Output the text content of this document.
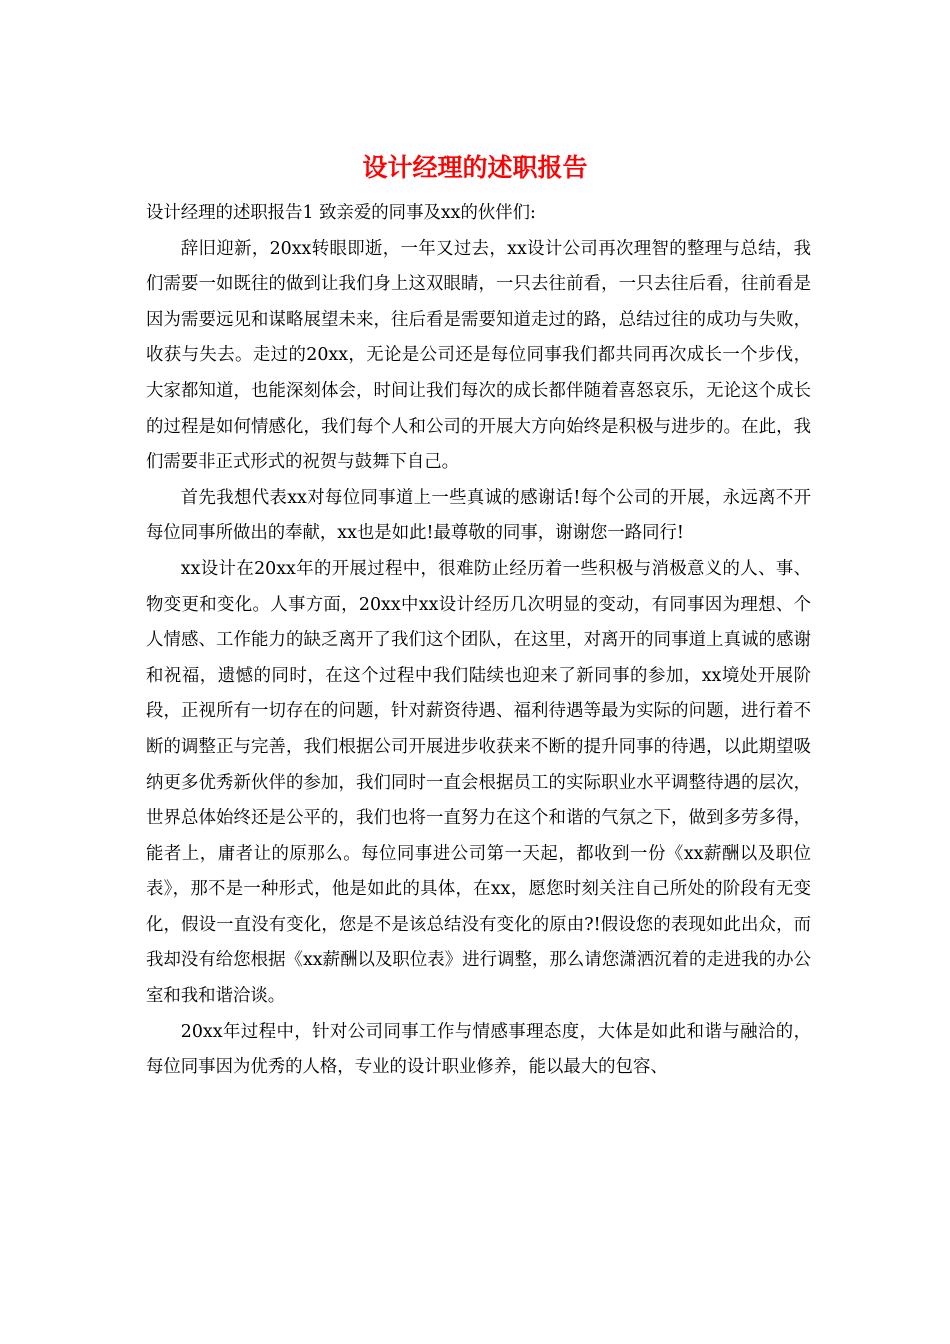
设计经理的述职报告

设计经理的述职报告1 致亲爱的同事及xx的伙伴们:

辞旧迎新，20xx转眼即逝，一年又过去，xx设计公司再次理智的整理与总结，我们需要一如既往的做到让我们身上这双眼睛，一只去往前看，一只去往后看，往前看是因为需要远见和谋略展望未来，往后看是需要知道走过的路，总结过往的成功与失败，收获与失去。走过的20xx，无论是公司还是每位同事我们都共同再次成长一个步伐，大家都知道，也能深刻体会，时间让我们每次的成长都伴随着喜怒哀乐，无论这个成长的过程是如何情感化，我们每个人和公司的开展大方向始终是积极与进步的。在此，我们需要非正式形式的祝贺与鼓舞下自己。

首先我想代表xx对每位同事道上一些真诚的感谢话!每个公司的开展，永远离不开每位同事所做出的奉献，xx也是如此!最尊敬的同事，谢谢您一路同行!

xx设计在20xx年的开展过程中，很难防止经历着一些积极与消极意义的人、事、物变更和变化。人事方面，20xx中xx设计经历几次明显的变动，有同事因为理想、个人情感、工作能力的缺乏离开了我们这个团队，在这里，对离开的同事道上真诚的感谢和祝福，遗憾的同时，在这个过程中我们陆续也迎来了新同事的参加，xx境处开展阶段，正视所有一切存在的问题，针对薪资待遇、福利待遇等最为实际的问题，进行着不断的调整正与完善，我们根据公司开展进步收获来不断的提升同事的待遇，以此期望吸纳更多优秀新伙伴的参加，我们同时一直会根据员工的实际职业水平调整待遇的层次，世界总体始终还是公平的，我们也将一直努力在这个和谐的气氛之下，做到多劳多得，能者上，庸者让的原那么。每位同事进公司第一天起，都收到一份《xx薪酬以及职位表》，那不是一种形式，他是如此的具体，在xx，愿您时刻关注自己所处的阶段有无变化，假设一直没有变化，您是不是该总结没有变化的原由?!假设您的表现如此出众，而我却没有给您根据《xx薪酬以及职位表》进行调整，那么请您潇洒沉着的走进我的办公室和我和谐洽谈。

20xx年过程中，针对公司同事工作与情感事理态度，大体是如此和谐与融洽的，每位同事因为优秀的人格，专业的设计职业修养，能以最大的包容、
